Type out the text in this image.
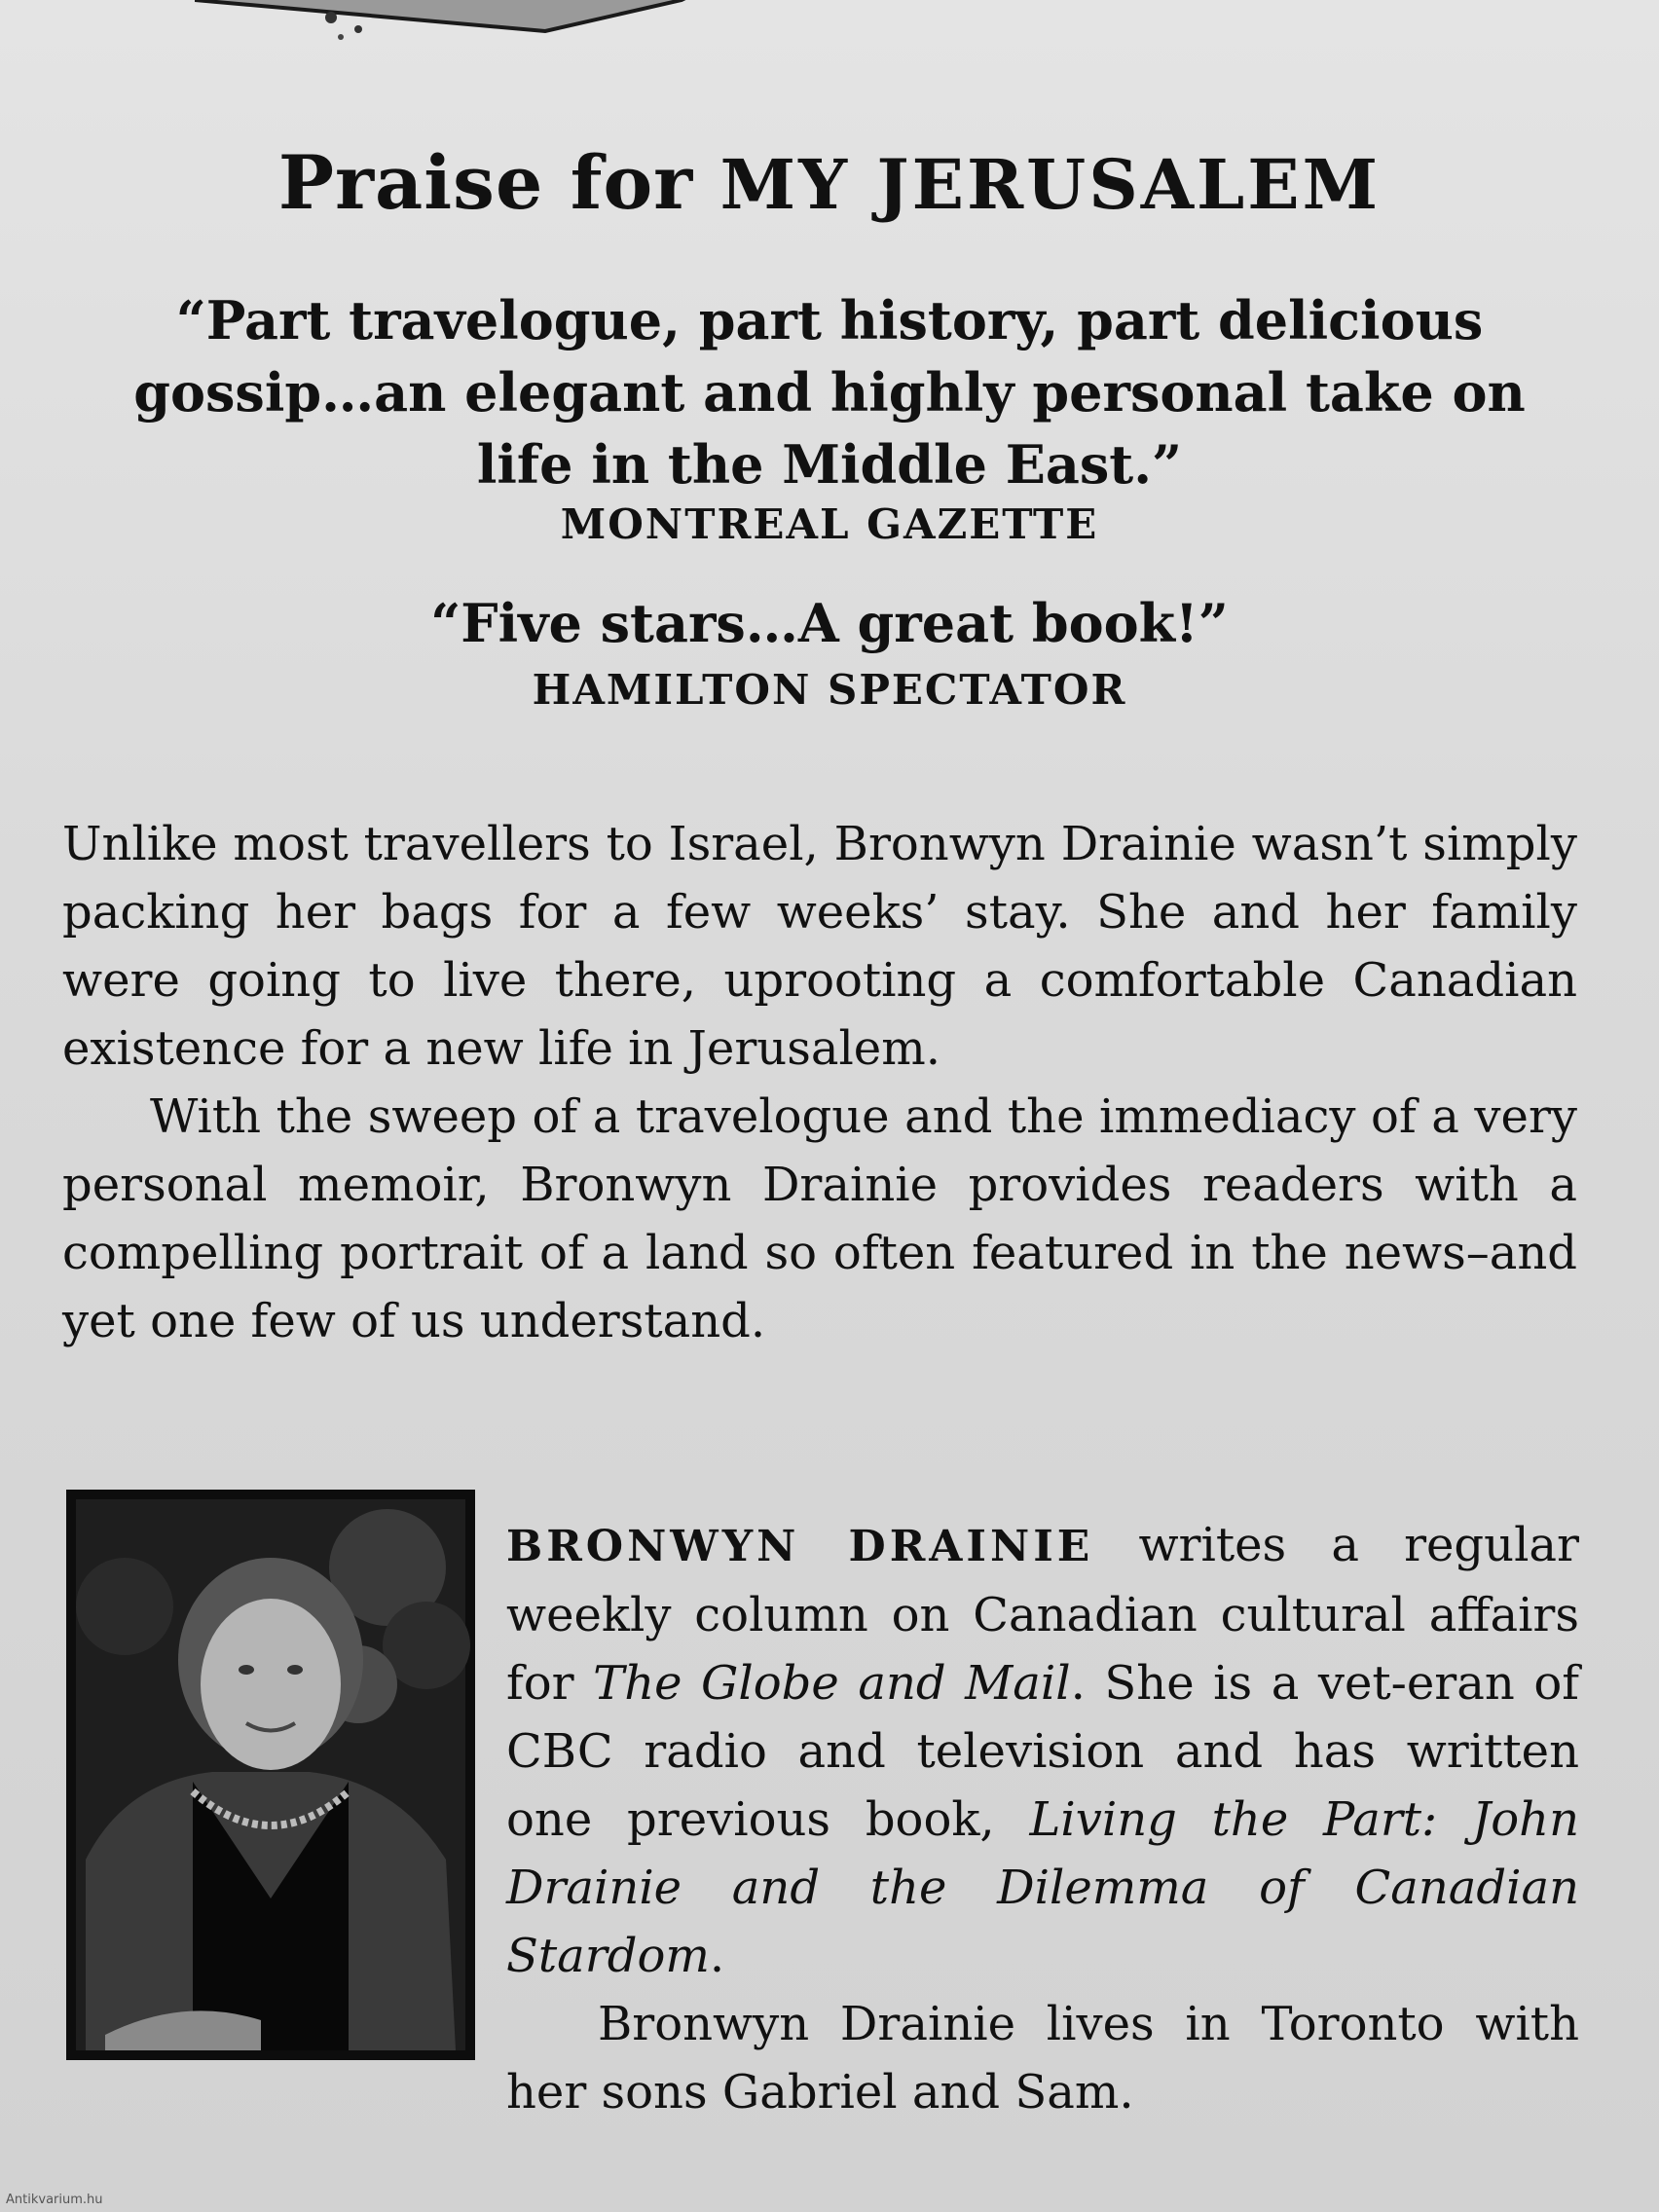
Praise for MY JERUSALEM
“Part travelogue, part history, part delicious gossip…an elegant and highly personal take on life in the Middle East.”
MONTREAL GAZETTE
“Five stars…A great book!”
HAMILTON SPECTATOR

Unlike most travellers to Israel, Bronwyn Drainie wasn’t simply packing her bags for a few weeks’ stay. She and her family were going to live there, uprooting a comfortable Canadian existence for a new life in Jerusalem.

With the sweep of a travelogue and the immediacy of a very personal memoir, Bronwyn Drainie provides readers with a compelling portrait of a land so often featured in the news–and yet one few of us understand.

BRONWYN DRAINIE writes a regular weekly column on Canadian cultural affairs for The Globe and Mail. She is a vet-eran of CBC radio and television and has written one previous book, Living the Part: John Drainie and the Dilemma of Canadian Stardom.

Bronwyn Drainie lives in Toronto with her sons Gabriel and Sam.

Antikvarium.hu
